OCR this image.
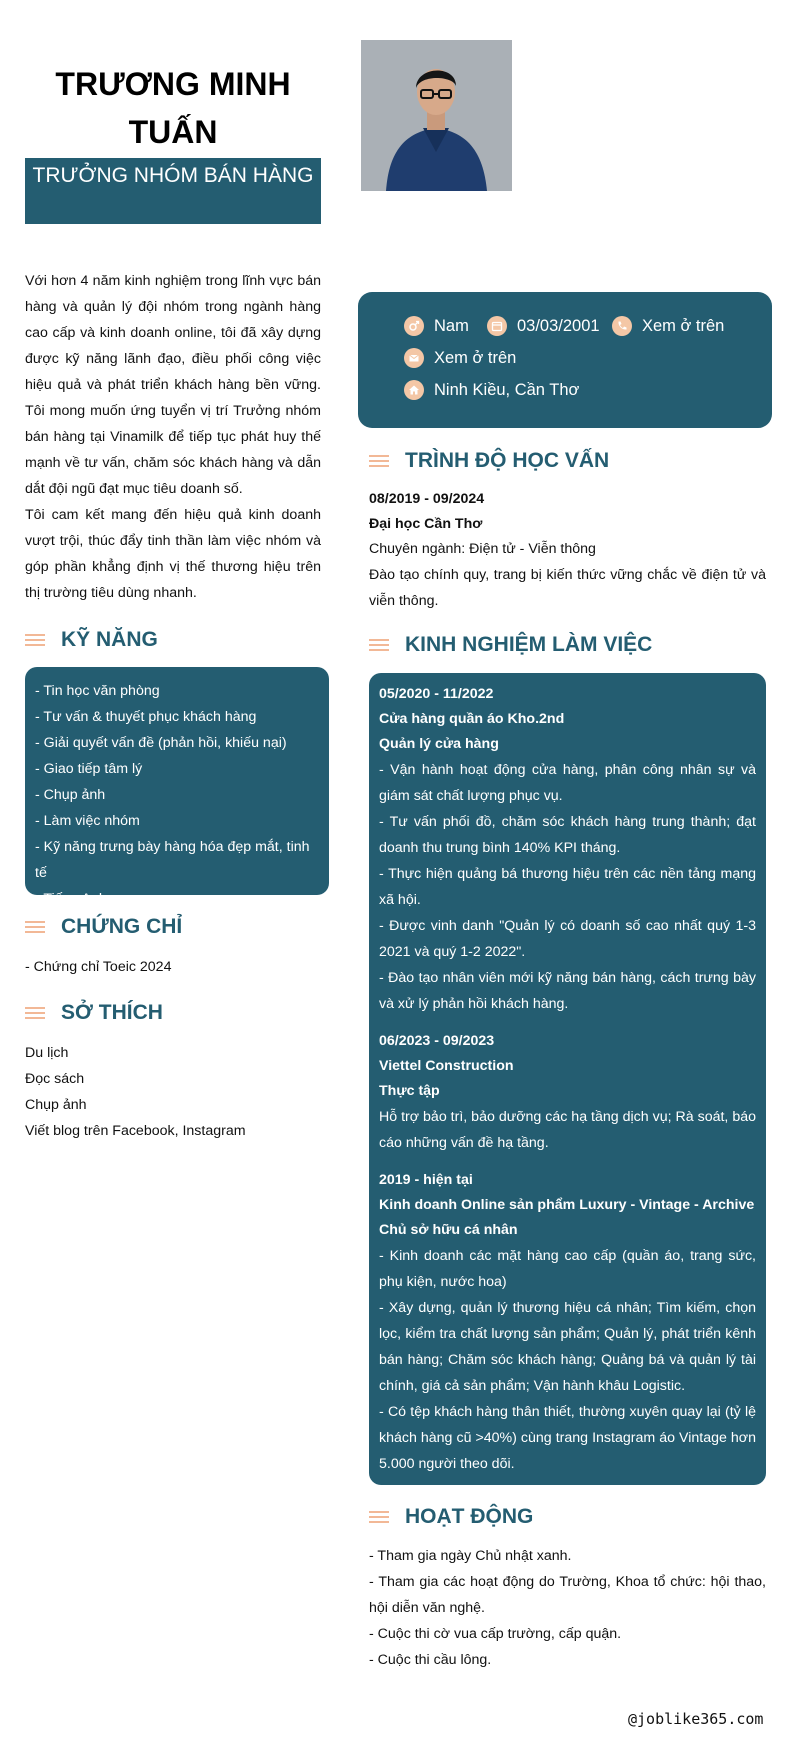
TRƯƠNG MINH TUẤN
TRƯỞNG NHÓM BÁN HÀNG

Với hơn 4 năm kinh nghiệm trong lĩnh vực bán hàng và quản lý đội nhóm trong ngành hàng cao cấp và kinh doanh online, tôi đã xây dựng được kỹ năng lãnh đạo, điều phối công việc hiệu quả và phát triển khách hàng bền vững. Tôi mong muốn ứng tuyển vị trí Trưởng nhóm bán hàng tại Vinamilk để tiếp tục phát huy thế mạnh về tư vấn, chăm sóc khách hàng và dẫn dắt đội ngũ đạt mục tiêu doanh số.

Tôi cam kết mang đến hiệu quả kinh doanh vượt trội, thúc đẩy tinh thần làm việc nhóm và góp phần khẳng định vị thế thương hiệu trên thị trường tiêu dùng nhanh.

Nam	03/03/2001	Xem ở trên
Xem ở trên
Ninh Kiều, Cần Thơ
KỸ NĂNG
- Tin học văn phòng
- Tư vấn & thuyết phục khách hàng
- Giải quyết vấn đề (phản hồi, khiếu nại)
- Giao tiếp tâm lý
- Chụp ảnh
- Làm việc nhóm
- Kỹ năng trưng bày hàng hóa đẹp mắt, tinh tế
- Tiếng Anh
CHỨNG CHỈ
- Chứng chỉ Toeic 2024
SỞ THÍCH
Du lịch
Đọc sách
Chụp ảnh
Viết blog trên Facebook, Instagram
TRÌNH ĐỘ HỌC VẤN
08/2019 - 09/2024
Đại học Cần Thơ
Chuyên ngành: Điện tử - Viễn thông
Đào tạo chính quy, trang bị kiến thức vững chắc về điện tử và viễn thông.
KINH NGHIỆM LÀM VIỆC
05/2020 - 11/2022
Cửa hàng quần áo Kho.2nd
Quản lý cửa hàng
- Vận hành hoạt động cửa hàng, phân công nhân sự và giám sát chất lượng phục vụ.
- Tư vấn phối đồ, chăm sóc khách hàng trung thành; đạt doanh thu trung bình 140% KPI tháng.
- Thực hiện quảng bá thương hiệu trên các nền tảng mạng xã hội.
- Được vinh danh "Quản lý có doanh số cao nhất quý 1-3 2021 và quý 1-2 2022".
- Đào tạo nhân viên mới kỹ năng bán hàng, cách trưng bày và xử lý phản hồi khách hàng.
06/2023 - 09/2023
Viettel Construction
Thực tập
Hỗ trợ bảo trì, bảo dưỡng các hạ tầng dịch vụ; Rà soát, báo cáo những vấn đề hạ tầng.
2019 - hiện tại
Kinh doanh Online sản phẩm Luxury - Vintage - Archive
Chủ sở hữu cá nhân
- Kinh doanh các mặt hàng cao cấp (quần áo, trang sức, phụ kiện, nước hoa)
- Xây dựng, quản lý thương hiệu cá nhân; Tìm kiếm, chọn lọc, kiểm tra chất lượng sản phẩm; Quản lý, phát triển kênh bán hàng; Chăm sóc khách hàng; Quảng bá và quản lý tài chính, giá cả sản phẩm; Vận hành khâu Logistic.
- Có tệp khách hàng thân thiết, thường xuyên quay lại (tỷ lệ khách hàng cũ >40%) cùng trang Instagram áo Vintage hơn 5.000 người theo dõi.
HOẠT ĐỘNG
- Tham gia ngày Chủ nhật xanh.
- Tham gia các hoạt động do Trường, Khoa tổ chức: hội thao, hội diễn văn nghệ.
- Cuộc thi cờ vua cấp trường, cấp quận.
- Cuộc thi cầu lông.
@joblike365.com
